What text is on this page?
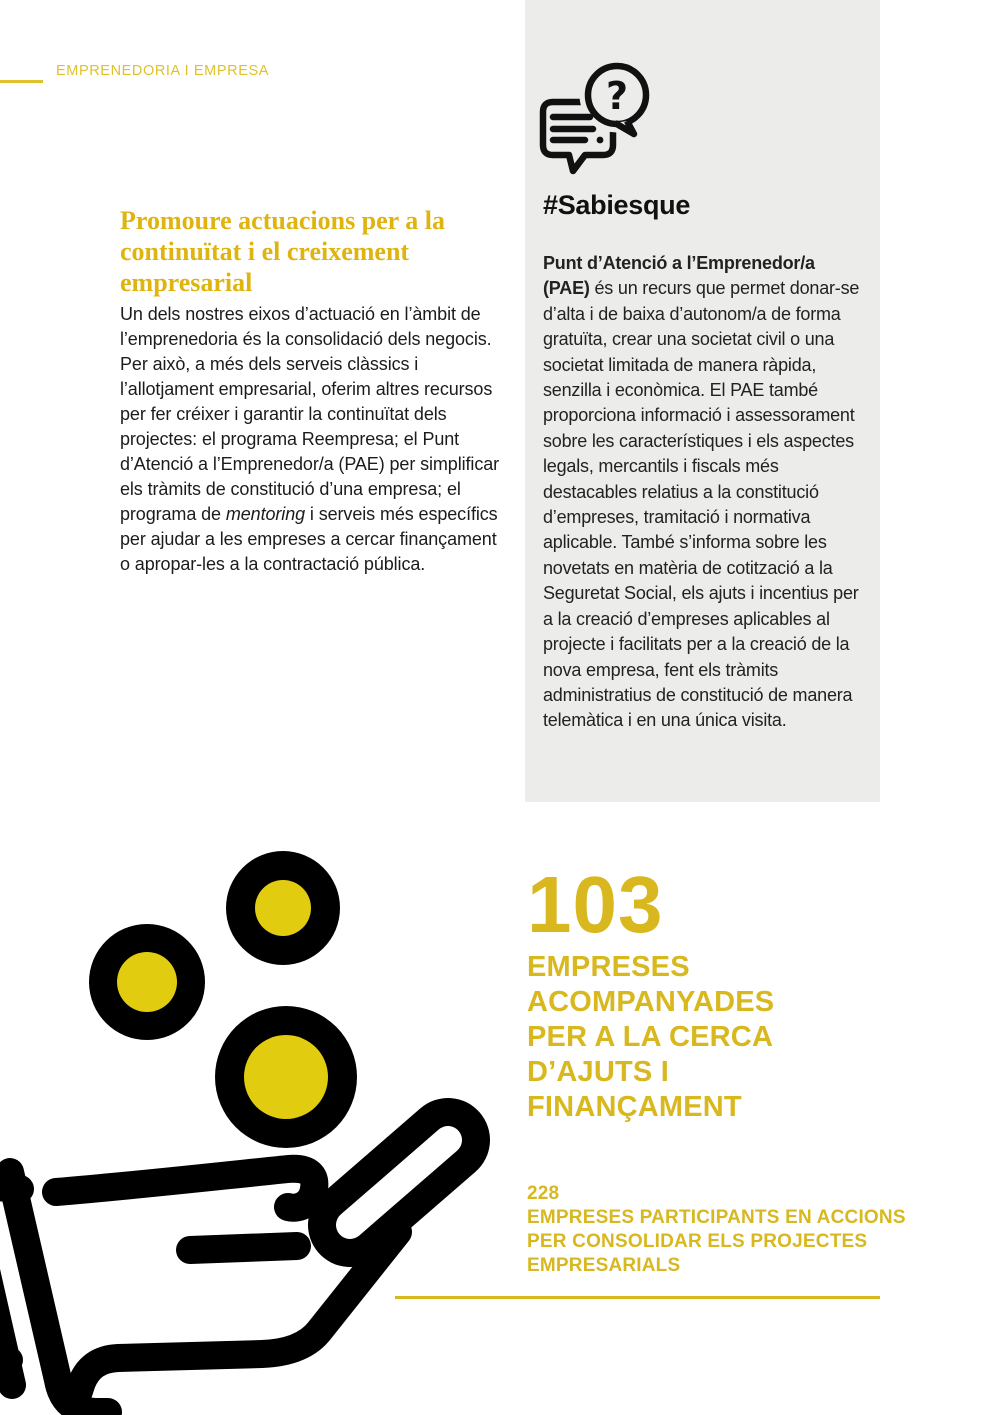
EMPRENEDORIA I EMPRESA
Promoure actuacions per a la continuïtat i el creixement empresarial

Un dels nostres eixos d’actuació en l’àmbit de l’emprenedoria és la consolidació dels negocis. Per això, a més dels serveis clàssics i l’allotjament empresarial, oferim altres recursos per fer créixer i garantir la continuïtat dels projectes: el programa Reempresa; el Punt d’Atenció a l’Emprenedor/a (PAE) per simplificar els tràmits de constitució d’una empresa; el programa de mentoring i serveis més específics per ajudar a les empreses a cercar finançament o apropar-les a la contractació pública.

?
#Sabiesque

Punt d’Atenció a l’Emprenedor/a (PAE) és un recurs que permet donar-se d’alta i de baixa d’autonom/a de forma gratuïta, crear una societat civil o una societat limitada de manera ràpida, senzilla i econòmica. El PAE també proporciona informació i assessorament sobre les característiques i els aspectes legals, mercantils i fiscals més destacables relatius a la constitució d’empreses, tramitació i normativa aplicable. També s’informa sobre les novetats en matèria de cotització a la Seguretat Social, els ajuts i incentius per a la creació d’empreses aplicables al projecte i facilitats per a la creació de la nova empresa, fent els tràmits administratius de constitució de manera telemàtica i en una única visita.

103
EMPRESES ACOMPANYADES PER A LA CERCA D’AJUTS I FINANÇAMENT
228
EMPRESES PARTICIPANTS EN ACCIONS PER CONSOLIDAR ELS PROJECTES EMPRESARIALS
